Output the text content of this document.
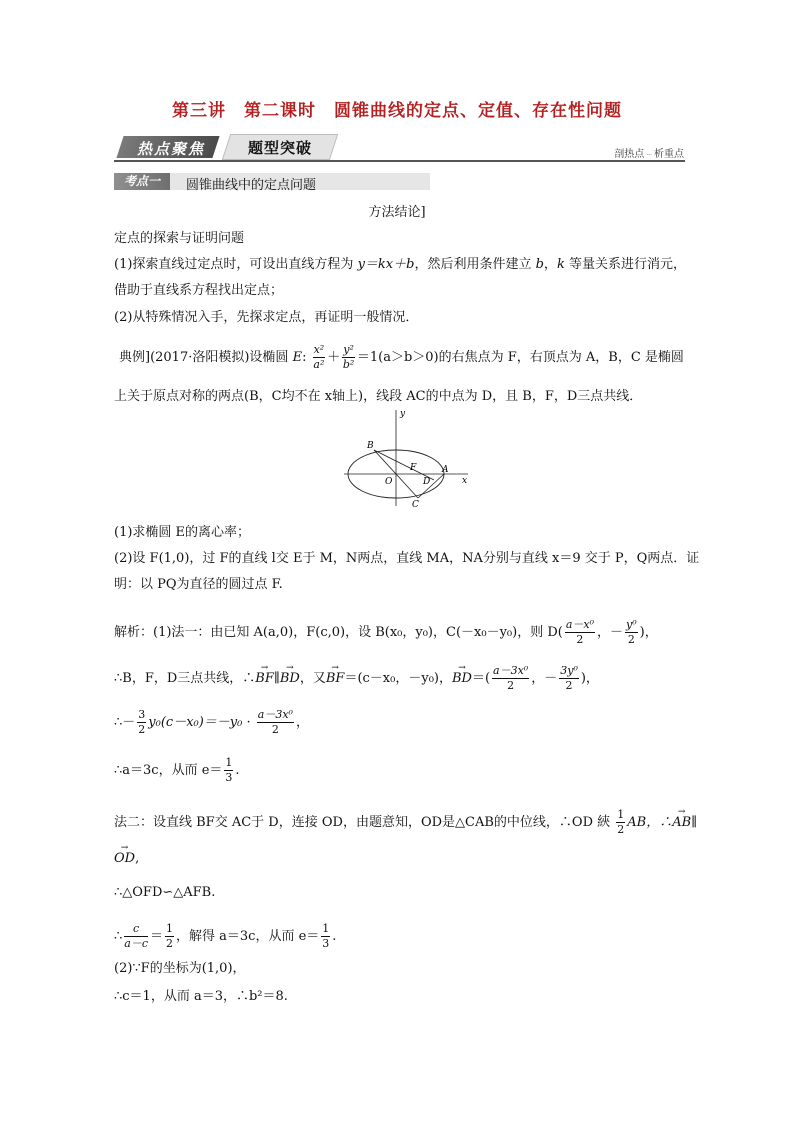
第三讲　第二课时　圆锥曲线的定点、定值、存在性问题
热点聚焦	题型突破	剖热点 ··· 析重点
考点一	圆锥曲线中的定点问题
方法结论]
定点的探索与证明问题
(1)探索直线过定点时，可设出直线方程为 y＝kx＋b，然后利用条件建立 b，k 等量关系进行消元，
借助于直线系方程找出定点；
(2)从特殊情况入手，先探求定点，再证明一般情况．
典例](2017·洛阳模拟)设椭圆 E: $\frac{\text{x²}}{\text{a²}} + \frac{\text{y²}}{\text{b²}} =1(a>b>0)$的右焦点为 F，右顶点为 A，B，C 是椭圆
上关于原点对称的两点(B，C均不在 x轴上)，线段 AC的中点为 D，且 B，F，D三点共线．
y
x
B
F	A
O	D
C
(1)求椭圆 E的离心率；
(2)设 F(1,0)，过 F的直线 l交 E于 M，N两点，直线 MA，NA分别与直线 x＝9 交于 P，Q两点．证
明：以 PQ为直径的圆过点 F.
解析：(1)法一：由已知 A(a,0)，F(c,0)，设 B(x₀，y₀)，C(－x₀－y₀)，则 $D( \frac{\text{a－x⁰}}{2}$ ，－ $\frac{\text{y⁰}}{2}$ )，
∴B，F，D三点共线，∴→ BF∥→ BD，又→ BF＝(c－x₀，－y₀)，→ $BD=( \frac{\text{a－3x⁰}}{2}$ ，－ $\frac{\text{3y⁰}}{2}$ )，
∴－ $\frac{3}{2} y_0(c-x_0)=-y_0 \cdot \frac{\text{a－3x⁰}}{2}$ ，
∴a＝3c，从而 $e= \frac{1}{3}$ .
法二：设直线 BF交 AC于 D，连接 OD，由题意知，OD是△CAB的中位线，∴OD 綊 $\frac{1}{2}$ AB，∴→ AB∥
→ OD,
∴△OFD∽△AFB.
∴ $\frac{c}{a-c} = \frac{1}{2}$ ，解得 a＝3c，从而 $e= \frac{1}{3}$ .
(2)∵F的坐标为(1,0)，
∴c＝1，从而 a＝3，∴b²＝8.
